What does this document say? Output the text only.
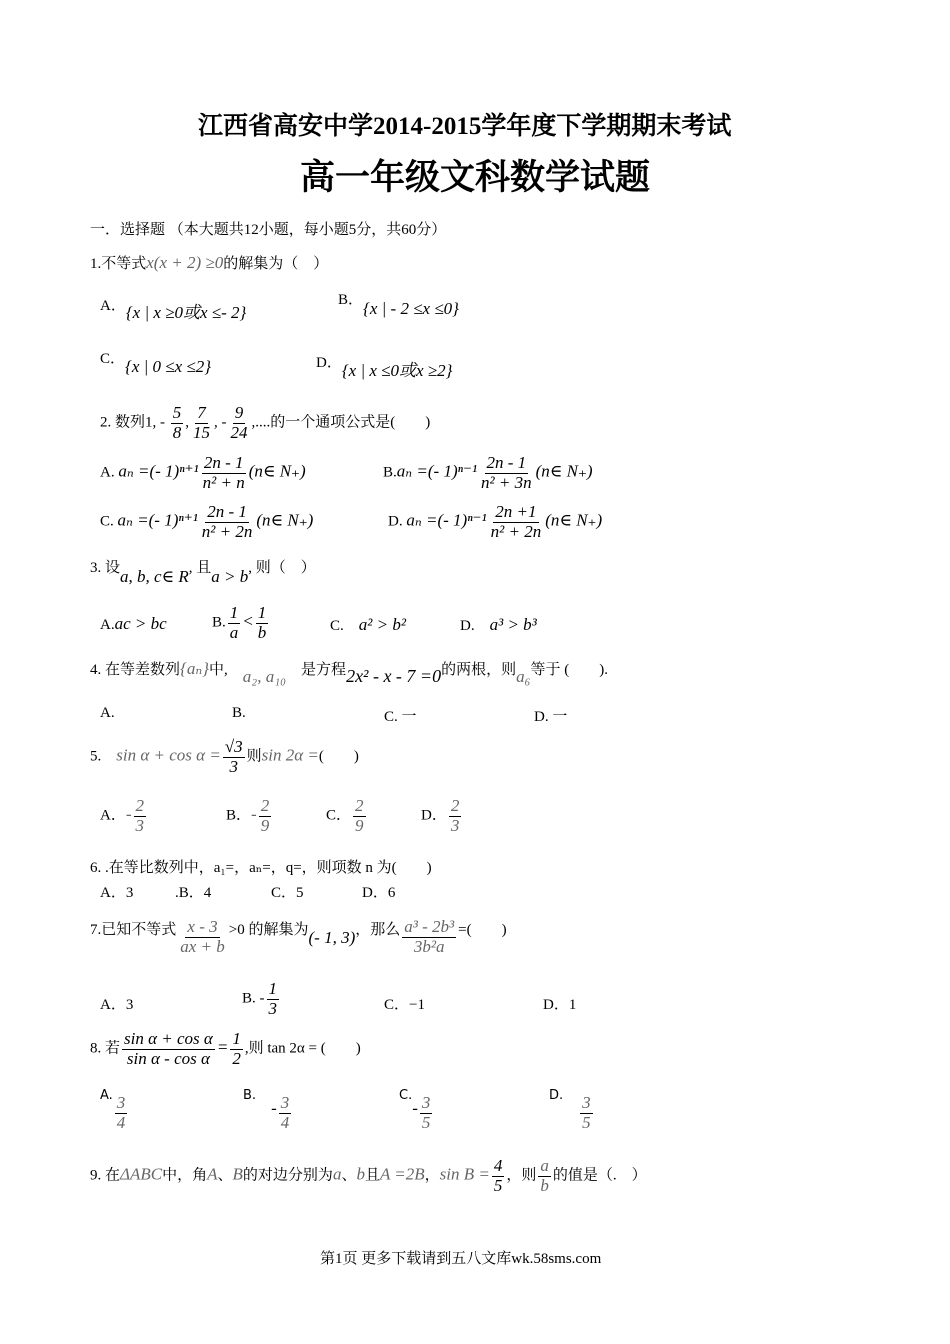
江西省高安中学2014-2015学年度下学期期末考试
高一年级文科数学试题
一．选择题 （本大题共12小题，每小题5分，共60分）
1.不等式x(x + 2) ≥0的解集为（　）
A．{x | x ≥0或x ≤- 2}
B．{x | - 2 ≤x ≤0}
C．{x | 0 ≤x ≤2}	D．{x | x ≤0或x ≥2}
2. 数列1, - $\frac{5}{8}$ , $\frac{7}{15}$ , - $\frac{9}{24}$ ,....的一个通项公式是(　　)
A. aₙ =(- $1)^{n+1} \frac{2n - 1}{\text{n² + n}}$ (n∈ N₊)	B.aₙ =(- $1)^{n-1} \frac{2n - 1}{\text{n² + 3n}}$ (n∈ N₊)
C. aₙ =(- $1)^{n+1} \frac{2n - 1}{\text{n² + 2n}}$ (n∈ N₊)	D. aₙ =(- $1)^{n-1} \frac{2n +1}{\text{n² + 2n}}$ (n∈ N₊)
3. 设a, b, c∈ R, 且a > b, 则（　）
A.ac > bc	B. $\frac{1}{a} < \frac{1}{b}$	C.　 a² > b²	D.　 a³ > b³
4. 在等差数列{aₙ}中,　 a₂, a₁₀　 是方程2x² - x - 7 =0的两根，则a₆等于 (　　).
A.	B.	C. 一	D. 一
5.　 $\sin \alpha + \cos \alpha = \frac{√3}{3}$ 则sin 2α =(　　)
A．- $\frac{2}{3}$	B．- $\frac{2}{9}$	C． $\frac{2}{9}$	D． $\frac{2}{3}$
6. .在等比数列中，a₁=，aₙ=，q=，则项数 n 为(　　)
A．3	.B．4	C．5	D．6
7.已知不等式 $\frac{x - 3}{ax + b} >0$ 的解集为(- 1, 3)，那么 $\frac{\text{a³ - 2b³}}{\text{3b²a}}$ =(　　)
A．3	B. - $\frac{1}{3}$	C．−1	D．1
8. 若 $\frac{\text{sin α + cos α}}{\text{sin α - cos α}} = \frac{1}{2}$ ,则 tan 2α = (　　)
A. $\frac{3}{4}$	B.　- $\frac{3}{4}$	$C.- \frac{3}{5}$	D.　 $\frac{3}{5}$
9. 在ΔABC中，角A、B的对边分别为a、b且A =2B，$\sin B = \frac{4}{5}$ ，则 $\frac{a}{b}$ 的值是（.　）
第1页 更多下载请到五八文库wk.58sms.com
